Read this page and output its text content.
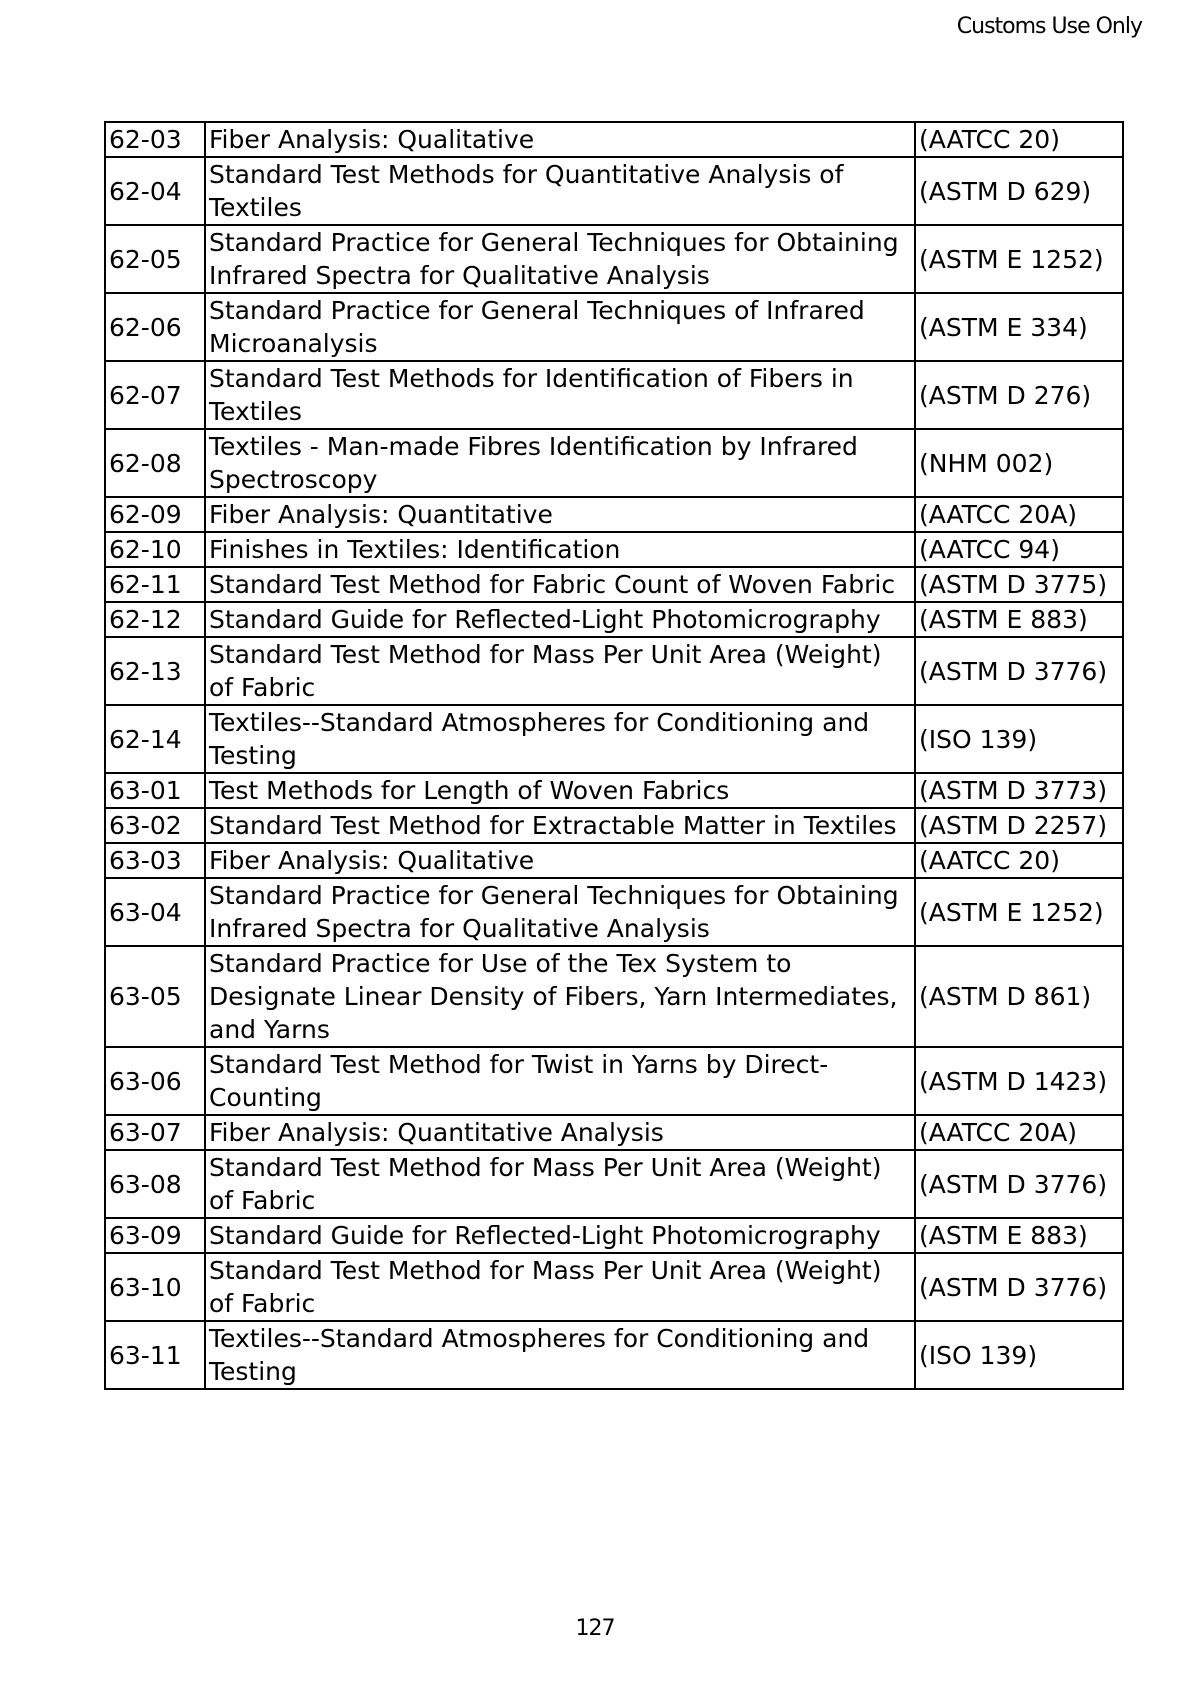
Customs Use Only
62-03	Fiber Analysis: Qualitative	(AATCC 20)
62-04	Standard Test Methods for Quantitative Analysis of Textiles	(ASTM D 629)
62-05	Standard Practice for General Techniques for Obtaining Infrared Spectra for Qualitative Analysis	(ASTM E 1252)
62-06	Standard Practice for General Techniques of Infrared Microanalysis	(ASTM E 334)
62-07	Standard Test Methods for Identification of Fibers in Textiles	(ASTM D 276)
62-08	Textiles - Man-made Fibres Identification by Infrared Spectroscopy	(NHM 002)
62-09	Fiber Analysis: Quantitative	(AATCC 20A)
62-10	Finishes in Textiles: Identification	(AATCC 94)
62-11	Standard Test Method for Fabric Count of Woven Fabric	(ASTM D 3775)
62-12	Standard Guide for Reflected-Light Photomicrography	(ASTM E 883)
62-13	Standard Test Method for Mass Per Unit Area (Weight) of Fabric	(ASTM D 3776)
62-14	Textiles--Standard Atmospheres for Conditioning and Testing	(ISO 139)
63-01	Test Methods for Length of Woven Fabrics	(ASTM D 3773)
63-02	Standard Test Method for Extractable Matter in Textiles	(ASTM D 2257)
63-03	Fiber Analysis: Qualitative	(AATCC 20)
63-04	Standard Practice for General Techniques for Obtaining Infrared Spectra for Qualitative Analysis	(ASTM E 1252)
63-05	Standard Practice for Use of the Tex System to Designate Linear Density of Fibers, Yarn Intermediates, and Yarns	(ASTM D 861)
63-06	Standard Test Method for Twist in Yarns by Direct-Counting	(ASTM D 1423)
63-07	Fiber Analysis: Quantitative Analysis	(AATCC 20A)
63-08	Standard Test Method for Mass Per Unit Area (Weight) of Fabric	(ASTM D 3776)
63-09	Standard Guide for Reflected-Light Photomicrography	(ASTM E 883)
63-10	Standard Test Method for Mass Per Unit Area (Weight) of Fabric	(ASTM D 3776)
63-11	Textiles--Standard Atmospheres for Conditioning and Testing	(ISO 139)
127
